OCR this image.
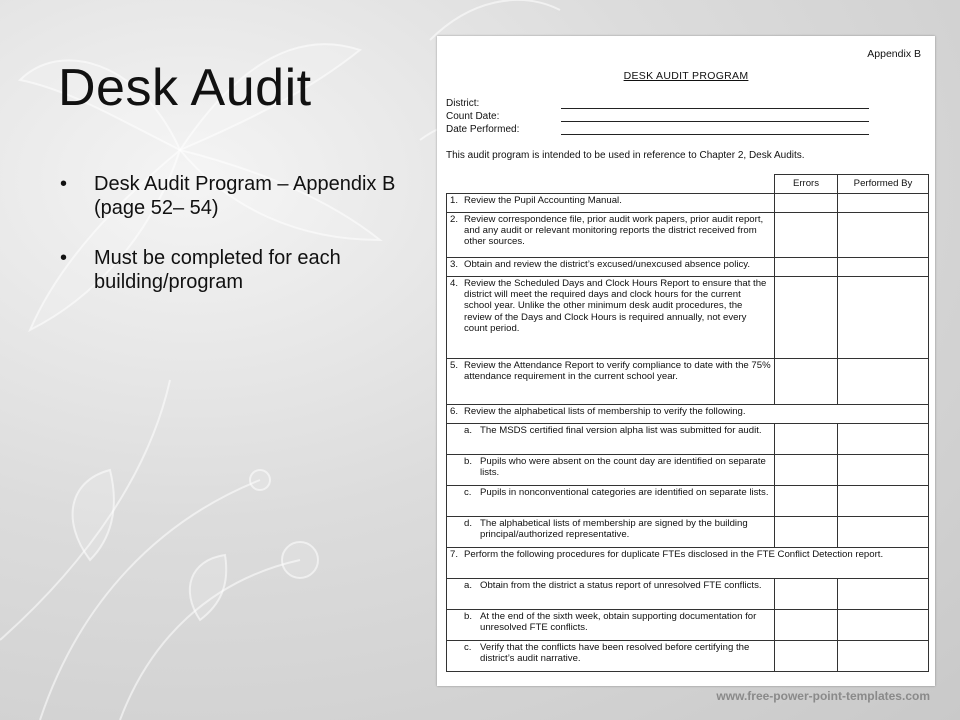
Desk Audit
• Desk Audit Program – Appendix B (page 52– 54)
• Must be completed for each building/program
Appendix B
DESK AUDIT PROGRAM
District:
Count Date:
Date Performed:
This audit program is intended to be used in reference to Chapter 2, Desk Audits.
	Errors	Performed By

1. Review the Pupil Accounting Manual.		

2. Review correspondence file, prior audit work papers, prior audit report, and any audit or relevant monitoring reports the district received from other sources.		

3. Obtain and review the district’s excused/unexcused absence policy.		

4. Review the Scheduled Days and Clock Hours Report to ensure that the district will meet the required days and clock hours for the current school year. Unlike the other minimum desk audit procedures, the review of the Days and Clock Hours is required annually, not every count period.		

5. Review the Attendance Report to verify compliance to date with the 75% attendance requirement in the current school year.		

6. Review the alphabetical lists of membership to verify the following.		

a. The MSDS certified final version alpha list was submitted for audit.		

b. Pupils who were absent on the count day are identified on separate lists.		

c. Pupils in nonconventional categories are identified on separate lists.		

d. The alphabetical lists of membership are signed by the building principal/authorized representative.		

7. Perform the following procedures for duplicate FTEs disclosed in the FTE Conflict Detection report.		

a. Obtain from the district a status report of unresolved FTE conflicts.		

b. At the end of the sixth week, obtain supporting documentation for unresolved FTE conflicts.		

c. Verify that the conflicts have been resolved before certifying the district’s audit narrative.		

www.free-power-point-templates.com
